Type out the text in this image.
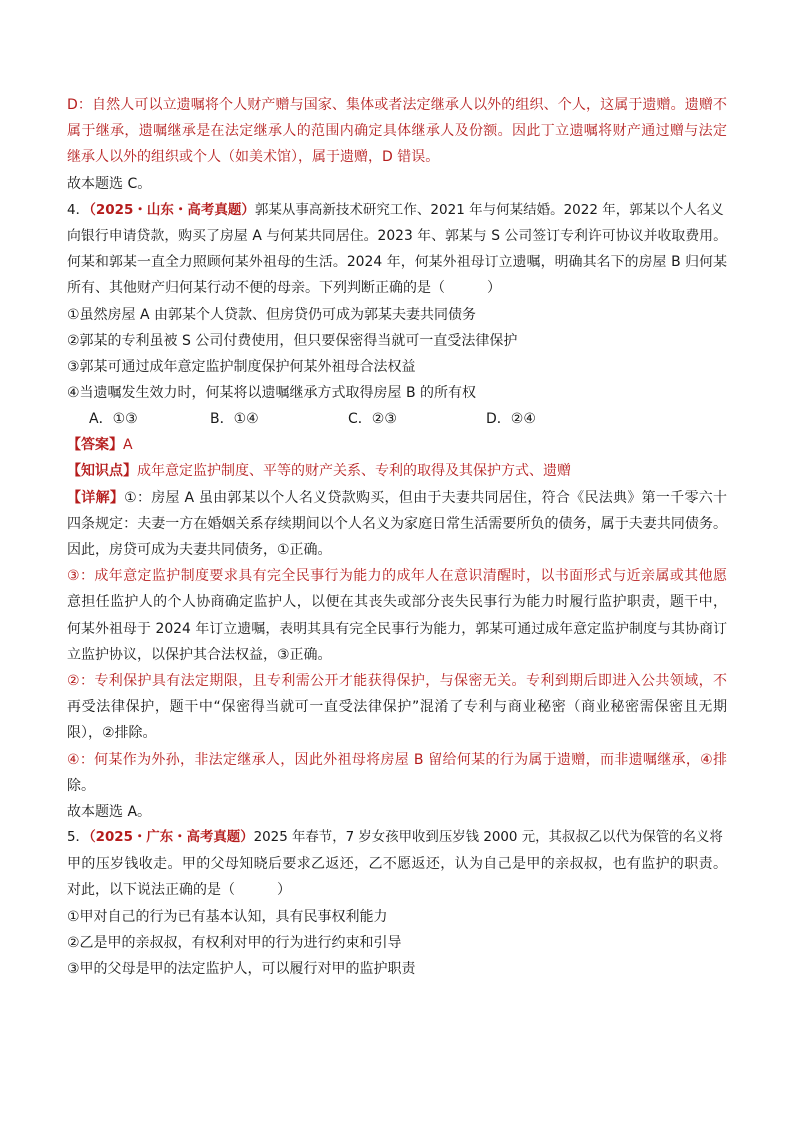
D：自然人可以立遗嘱将个人财产赠与国家、集体或者法定继承人以外的组织、个人，这属于遗赠。遗赠不
属于继承，遗嘱继承是在法定继承人的范围内确定具体继承人及份额。因此丁立遗嘱将财产通过赠与法定
继承人以外的组织或个人（如美术馆），属于遗赠，D 错误。
故本题选 C。
4．（2025・山东・高考真题）郭某从事高新技术研究工作、2021 年与何某结婚。2022 年，郭某以个人名义
向银行申请贷款，购买了房屋 A 与何某共同居住。2023 年、郭某与 S 公司签订专利许可协议并收取费用。
何某和郭某一直全力照顾何某外祖母的生活。2024 年，何某外祖母订立遗嘱，明确其名下的房屋 B 归何某
所有、其他财产归何某行动不便的母亲。下列判断正确的是（　　　）
①虽然房屋 A 由郭某个人贷款、但房贷仍可成为郭某夫妻共同债务
②郭某的专利虽被 S 公司付费使用，但只要保密得当就可一直受法律保护
③郭某可通过成年意定监护制度保护何某外祖母合法权益
④当遗嘱发生效力时，何某将以遗嘱继承方式取得房屋 B 的所有权
A．①③	B．①④	C．②③	D．②④
【答案】A
【知识点】成年意定监护制度、平等的财产关系、专利的取得及其保护方式、遗赠
【详解】①：房屋 A 虽由郭某以个人名义贷款购买，但由于夫妻共同居住，符合《民法典》第一千零六十
四条规定：夫妻一方在婚姻关系存续期间以个人名义为家庭日常生活需要所负的债务，属于夫妻共同债务。
因此，房贷可成为夫妻共同债务，①正确。
③：成年意定监护制度要求具有完全民事行为能力的成年人在意识清醒时，以书面形式与近亲属或其他愿
意担任监护人的个人协商确定监护人，以便在其丧失或部分丧失民事行为能力时履行监护职责，题干中，
何某外祖母于 2024 年订立遗嘱，表明其具有完全民事行为能力，郭某可通过成年意定监护制度与其协商订
立监护协议，以保护其合法权益，③正确。
②：专利保护具有法定期限，且专利需公开才能获得保护，与保密无关。专利到期后即进入公共领域，不
再受法律保护，题干中“保密得当就可一直受法律保护”混淆了专利与商业秘密（商业秘密需保密且无期
限），②排除。
④：何某作为外孙，非法定继承人，因此外祖母将房屋 B 留给何某的行为属于遗赠，而非遗嘱继承，④排
除。
故本题选 A。
5．（2025・广东・高考真题）2025 年春节，7 岁女孩甲收到压岁钱 2000 元，其叔叔乙以代为保管的名义将
甲的压岁钱收走。甲的父母知晓后要求乙返还，乙不愿返还，认为自己是甲的亲叔叔，也有监护的职责。
对此，以下说法正确的是（　　　）
①甲对自己的行为已有基本认知，具有民事权利能力
②乙是甲的亲叔叔，有权利对甲的行为进行约束和引导
③甲的父母是甲的法定监护人，可以履行对甲的监护职责
